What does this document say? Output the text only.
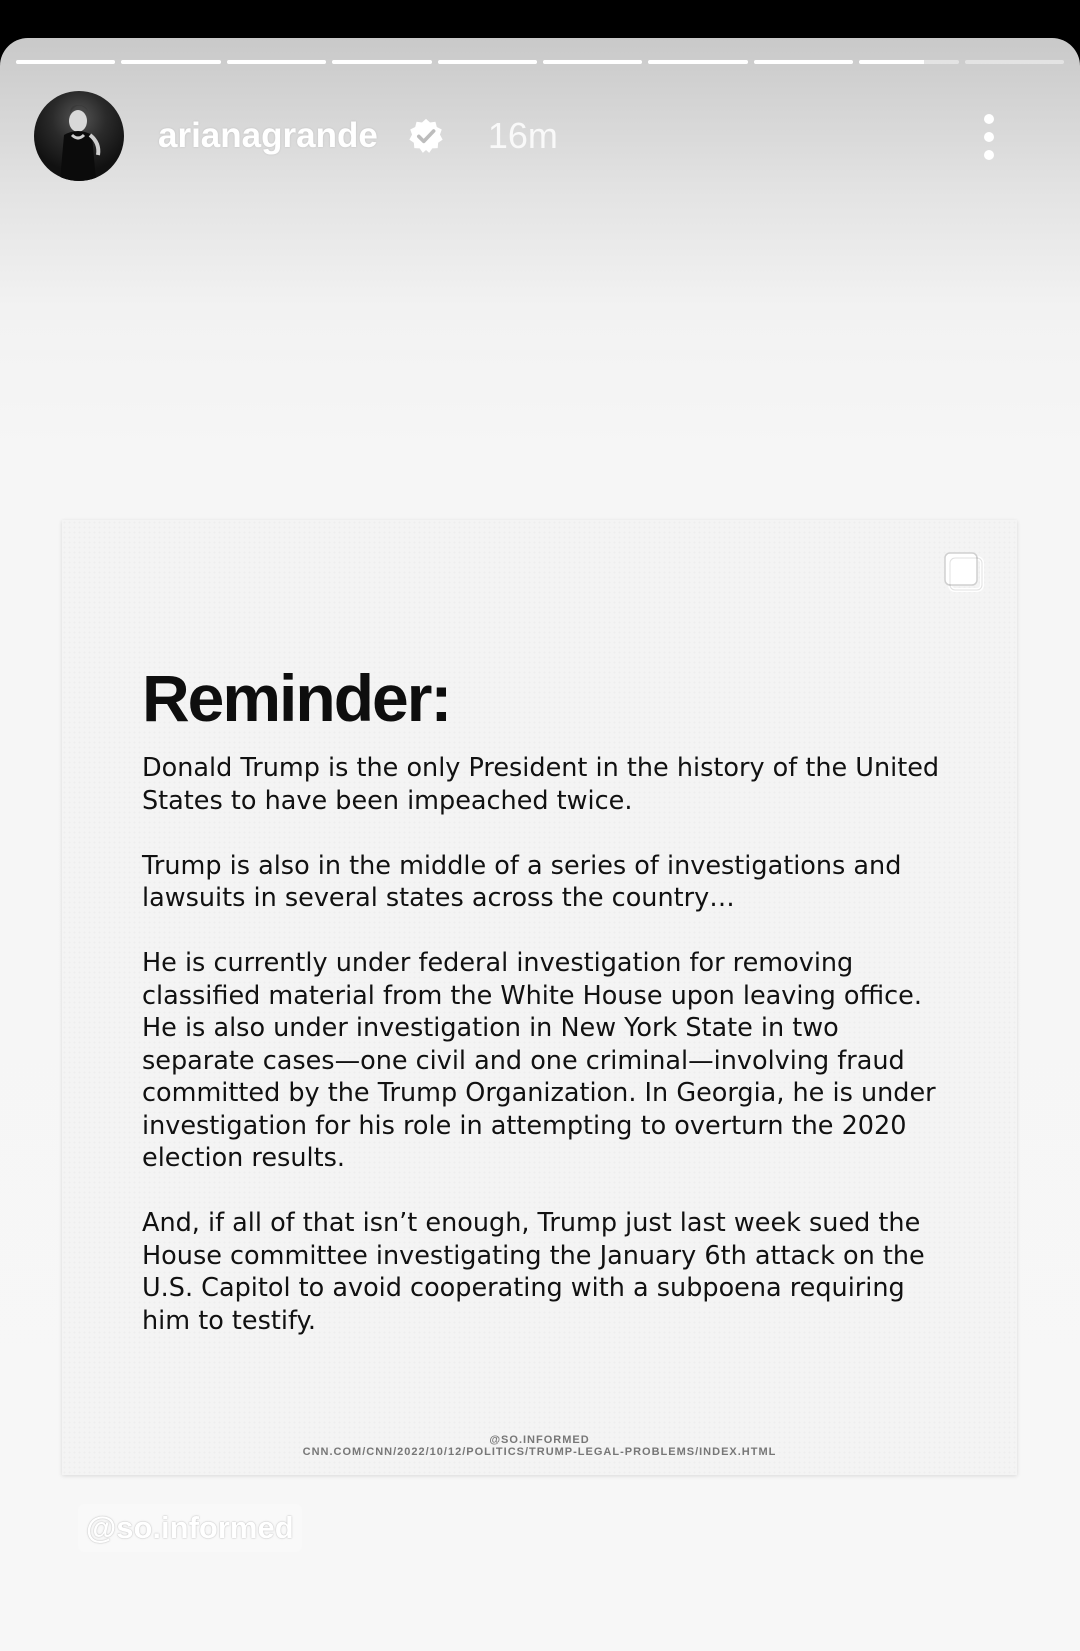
arianagrande	16m
Reminder:

Donald Trump is the only President in the history of the United States to have been impeached twice.

Trump is also in the middle of a series of investigations and lawsuits in several states across the country…

He is currently under federal investigation for removing classified material from the White House upon leaving office. He is also under investigation in New York State in two separate cases—one civil and one criminal—involving fraud committed by the Trump Organization. In Georgia, he is under investigation for his role in attempting to overturn the 2020 election results.

And, if all of that isn’t enough, Trump just last week sued the House committee investigating the January 6th attack on the U.S. Capitol to avoid cooperating with a subpoena requiring him to testify.

@SO.INFORMED
CNN.COM/CNN/2022/10/12/POLITICS/TRUMP-LEGAL-PROBLEMS/INDEX.HTML
@so.informed
